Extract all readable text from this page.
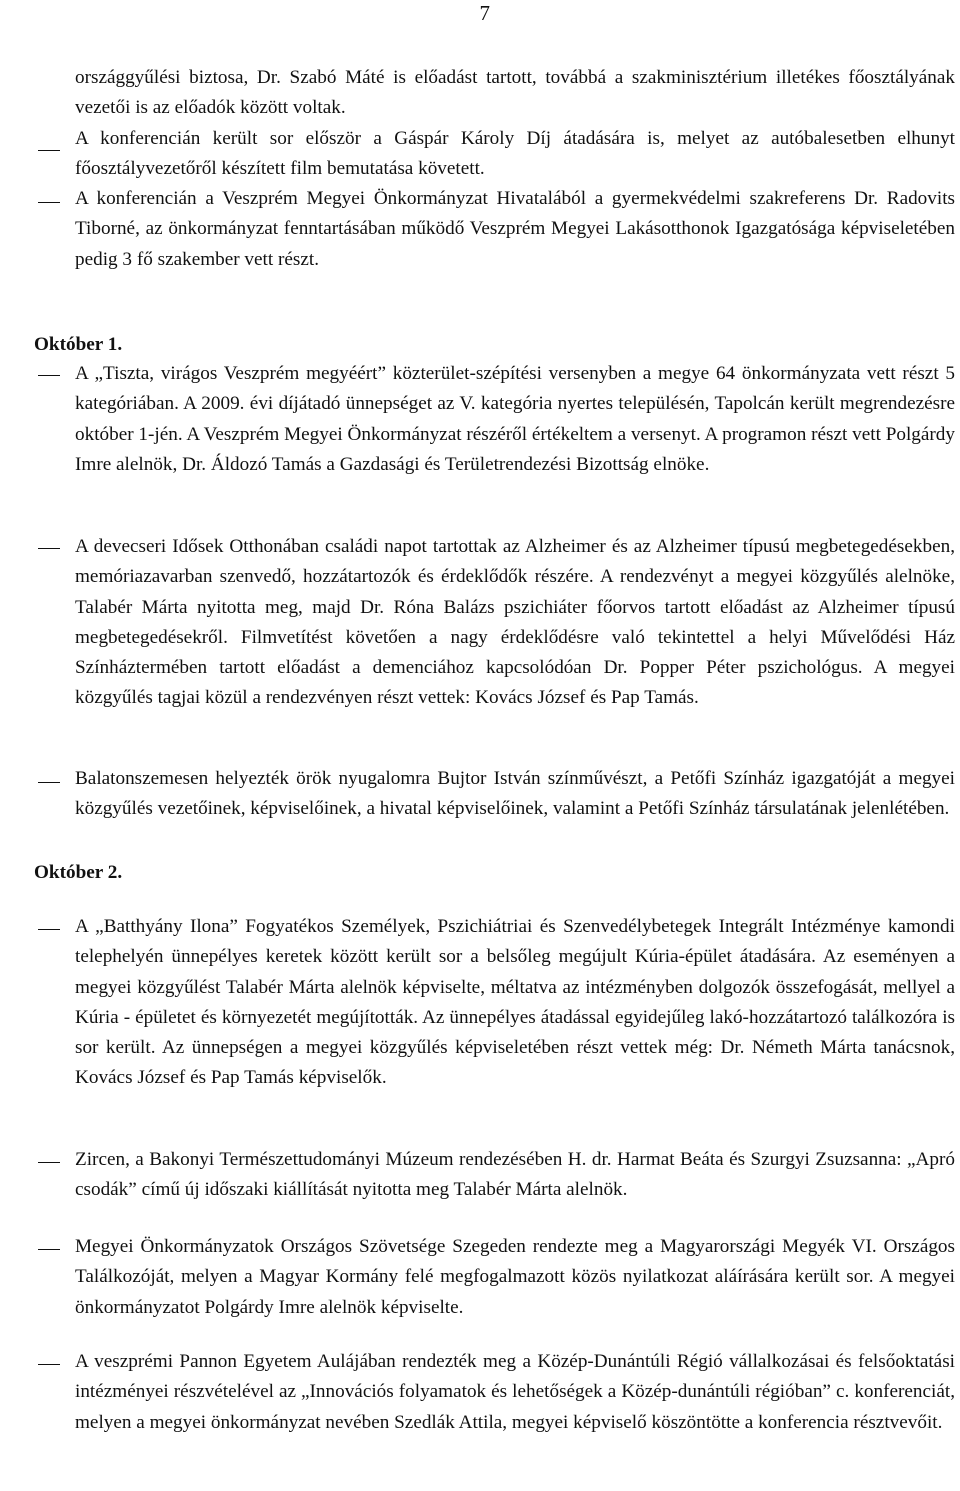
7
országgyűlési biztosa, Dr. Szabó Máté is előadást tartott, továbbá a szakminisztérium illetékes főosztályának vezetői is az előadók között voltak.
A konferencián került sor először a Gáspár Károly Díj átadására is, melyet az autóbalesetben elhunyt főosztályvezetőről készített film bemutatása követett.
A konferencián a Veszprém Megyei Önkormányzat Hivatalából a gyermekvédelmi szakreferens Dr. Radovits Tiborné, az önkormányzat fenntartásában működő Veszprém Megyei Lakásotthonok Igazgatósága képviseletében pedig 3 fő szakember vett részt.
Október 1.
A „Tiszta, virágos Veszprém megyéért” közterület-szépítési versenyben a megye 64 önkormányzata vett részt 5 kategóriában. A 2009. évi díjátadó ünnepséget az V. kategória nyertes településén, Tapolcán került megrendezésre október 1-jén. A Veszprém Megyei Önkormányzat részéről értékeltem a versenyt. A programon részt vett Polgárdy Imre alelnök, Dr. Áldozó Tamás a Gazdasági és Területrendezési Bizottság elnöke.
A devecseri Idősek Otthonában családi napot tartottak az Alzheimer és az Alzheimer típusú megbetegedésekben, memóriazavarban szenvedő, hozzátartozók és érdeklődők részére. A rendezvényt a megyei közgyűlés alelnöke, Talabér Márta nyitotta meg, majd Dr. Róna Balázs pszichiáter főorvos tartott előadást az Alzheimer típusú megbetegedésekről. Filmvetítést követően a nagy érdeklődésre való tekintettel a helyi Művelődési Ház Színháztermében tartott előadást a demenciához kapcsolódóan Dr. Popper Péter pszichológus. A megyei közgyűlés tagjai közül a rendezvényen részt vettek: Kovács József és Pap Tamás.
Balatonszemesen helyezték örök nyugalomra Bujtor István színművészt, a Petőfi Színház igazgatóját a megyei közgyűlés vezetőinek, képviselőinek, a hivatal képviselőinek, valamint a Petőfi Színház társulatának jelenlétében.
Október 2.
A „Batthyány Ilona” Fogyatékos Személyek, Pszichiátriai és Szenvedélybetegek Integrált Intézménye kamondi telephelyén ünnepélyes keretek között került sor a belsőleg megújult Kúria-épület átadására. Az eseményen a megyei közgyűlést Talabér Márta alelnök képviselte, méltatva az intézményben dolgozók összefogását, mellyel a Kúria - épületet és környezetét megújították. Az ünnepélyes átadással egyidejűleg lakó-hozzátartozó találkozóra is sor került. Az ünnepségen a megyei közgyűlés képviseletében részt vettek még: Dr. Németh Márta tanácsnok, Kovács József és Pap Tamás képviselők.
Zircen, a Bakonyi Természettudományi Múzeum rendezésében H. dr. Harmat Beáta és Szurgyi Zsuzsanna: „Apró csodák” című új időszaki kiállítását nyitotta meg Talabér Márta alelnök.
Megyei Önkormányzatok Országos Szövetsége Szegeden rendezte meg a Magyarországi Megyék VI. Országos Találkozóját, melyen a Magyar Kormány felé megfogalmazott közös nyilatkozat aláírására került sor. A megyei önkormányzatot Polgárdy Imre alelnök képviselte.
A veszprémi Pannon Egyetem Aulájában rendezték meg a Közép-Dunántúli Régió vállalkozásai és felsőoktatási intézményei részvételével az „Innovációs folyamatok és lehetőségek a Közép-dunántúli régióban” c. konferenciát, melyen a megyei önkormányzat nevében Szedlák Attila, megyei képviselő köszöntötte a konferencia résztvevőit.
